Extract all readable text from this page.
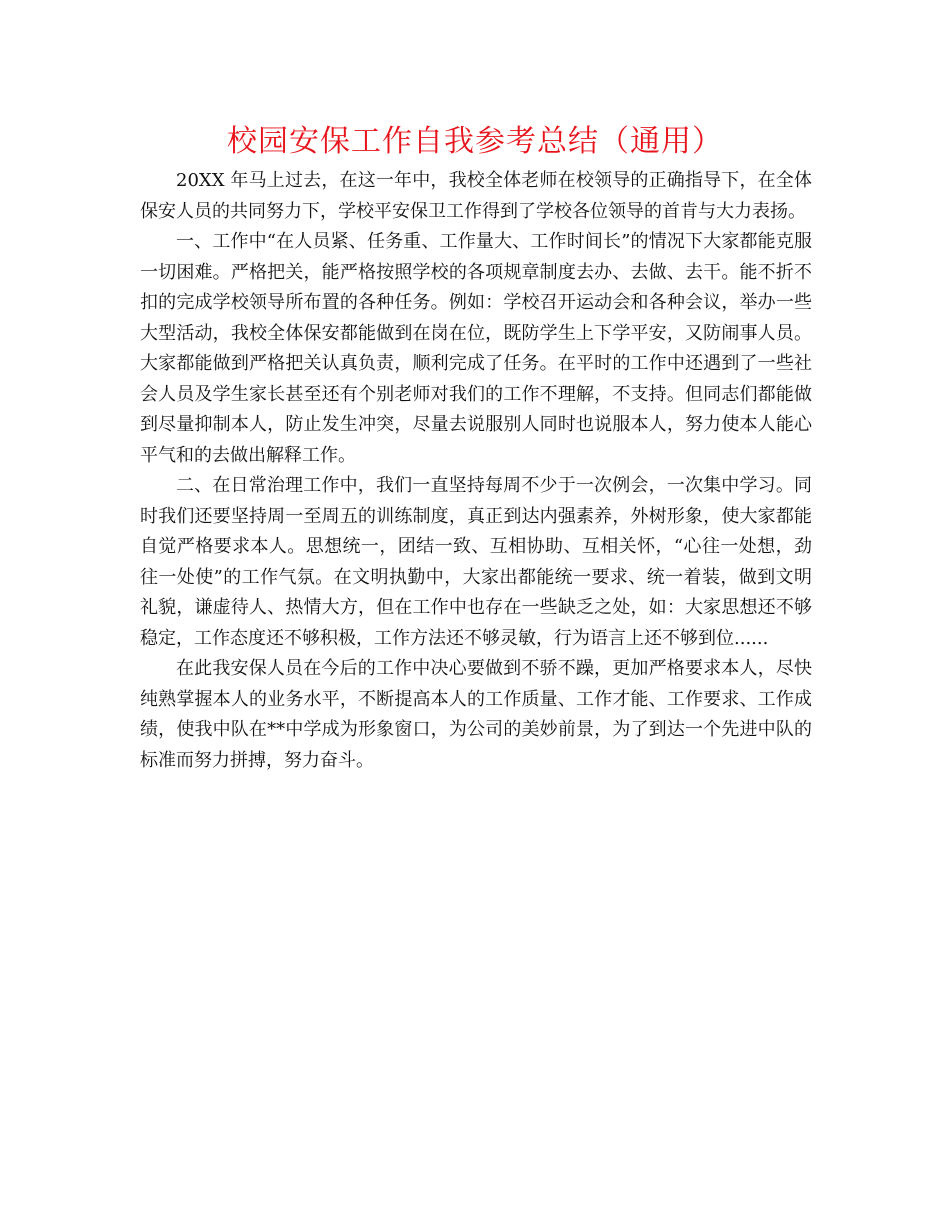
校园安保工作自我参考总结（通用）

20XX 年马上过去，在这一年中，我校全体老师在校领导的正确指导下，在全体保安人员的共同努力下，学校平安保卫工作得到了学校各位领导的首肯与大力表扬。

一、工作中“在人员紧、任务重、工作量大、工作时间长”的情况下大家都能克服一切困难。严格把关，能严格按照学校的各项规章制度去办、去做、去干。能不折不扣的完成学校领导所布置的各种任务。例如：学校召开运动会和各种会议，举办一些大型活动，我校全体保安都能做到在岗在位，既防学生上下学平安，又防闹事人员。大家都能做到严格把关认真负责，顺利完成了任务。在平时的工作中还遇到了一些社会人员及学生家长甚至还有个别老师对我们的工作不理解，不支持。但同志们都能做到尽量抑制本人，防止发生冲突，尽量去说服别人同时也说服本人，努力使本人能心平气和的去做出解释工作。

二、在日常治理工作中，我们一直坚持每周不少于一次例会，一次集中学习。同时我们还要坚持周一至周五的训练制度，真正到达内强素养，外树形象，使大家都能自觉严格要求本人。思想统一，团结一致、互相协助、互相关怀，“心往一处想，劲往一处使”的工作气氛。在文明执勤中，大家出都能统一要求、统一着装，做到文明礼貌，谦虚待人、热情大方，但在工作中也存在一些缺乏之处，如：大家思想还不够稳定，工作态度还不够积极，工作方法还不够灵敏，行为语言上还不够到位......

在此我安保人员在今后的工作中决心要做到不骄不躁，更加严格要求本人，尽快纯熟掌握本人的业务水平，不断提高本人的工作质量、工作才能、工作要求、工作成绩，使我中队在**中学成为形象窗口，为公司的美妙前景，为了到达一个先进中队的标准而努力拼搏，努力奋斗。
